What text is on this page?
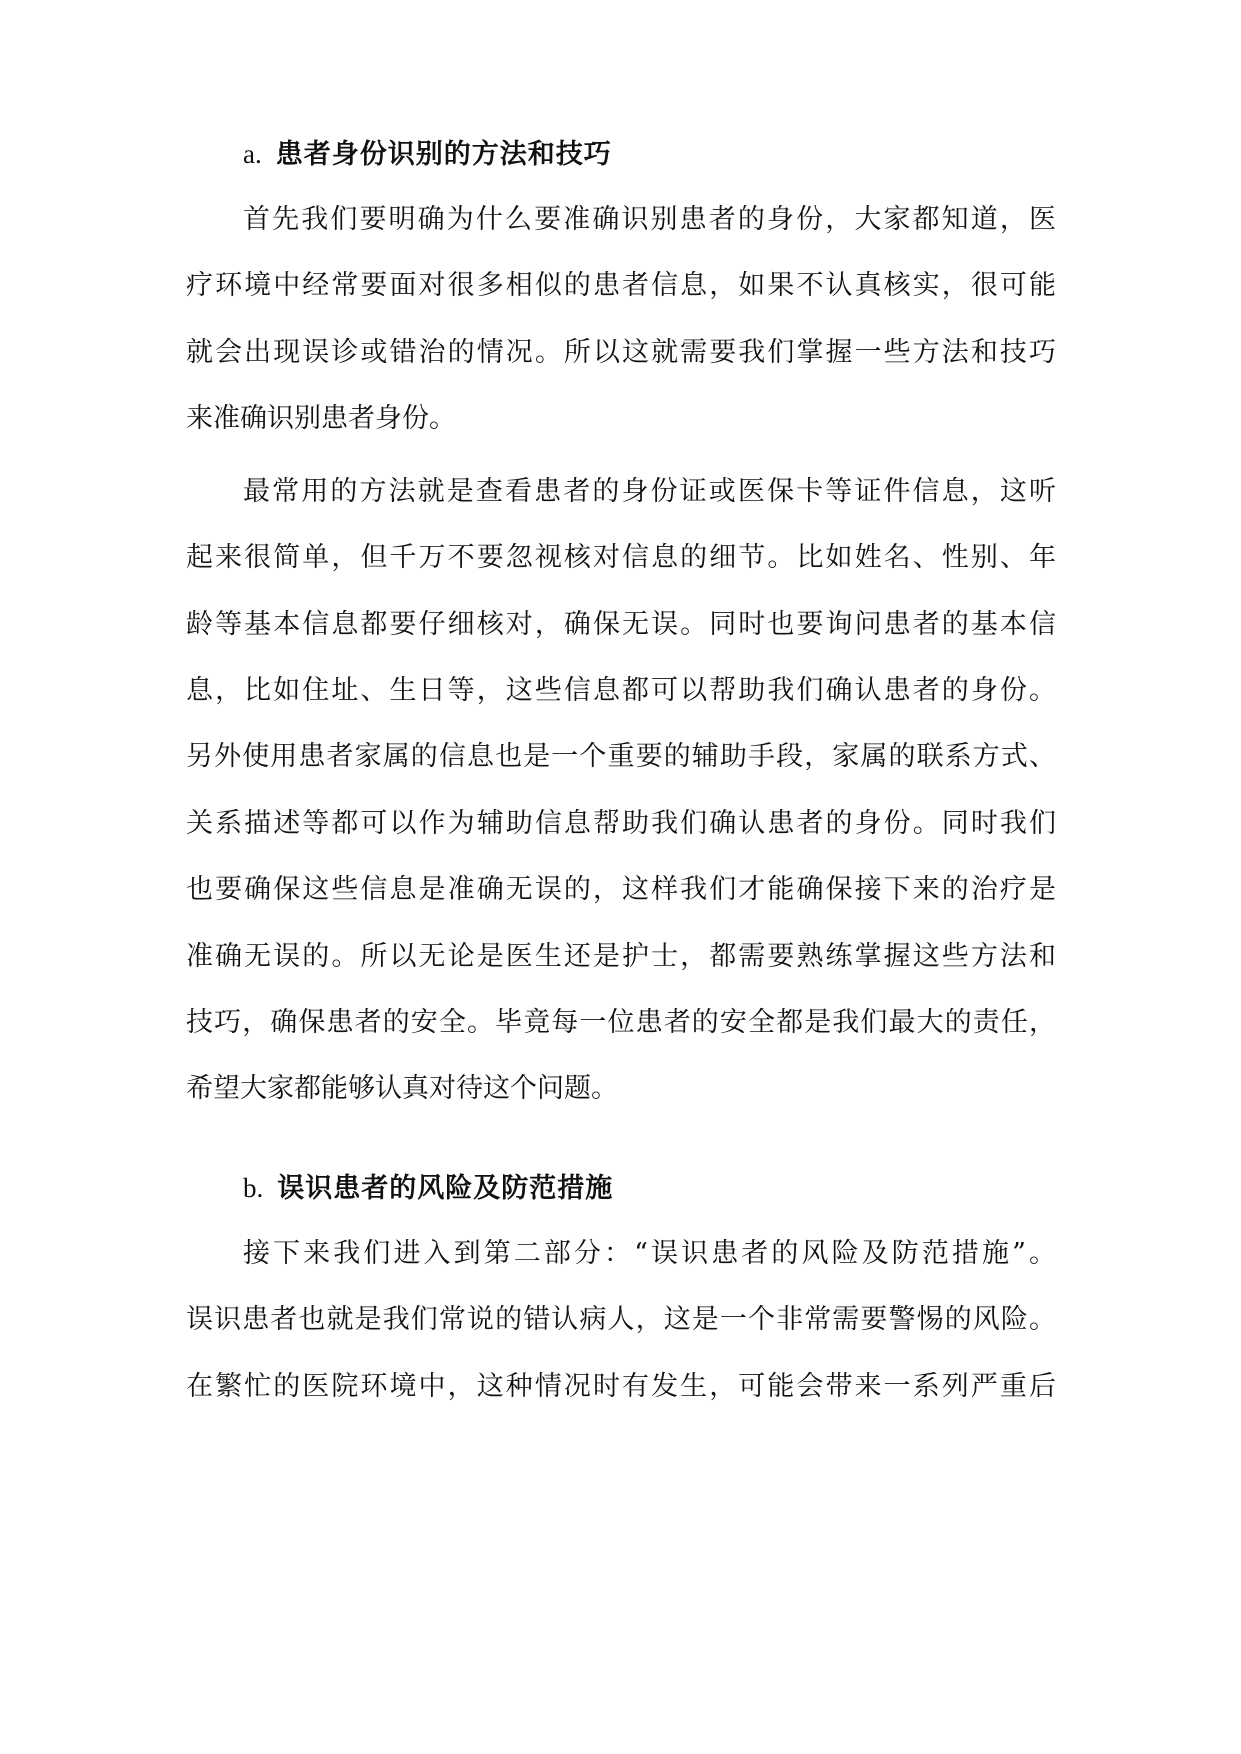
a. 患者身份识别的方法和技巧
首先我们要明确为什么要准确识别患者的身份，大家都知道，医
疗环境中经常要面对很多相似的患者信息，如果不认真核实，很可能
就会出现误诊或错治的情况。所以这就需要我们掌握一些方法和技巧
来准确识别患者身份。
最常用的方法就是查看患者的身份证或医保卡等证件信息，这听
起来很简单，但千万不要忽视核对信息的细节。比如姓名、性别、年
龄等基本信息都要仔细核对，确保无误。同时也要询问患者的基本信
息，比如住址、生日等，这些信息都可以帮助我们确认患者的身份。
另外使用患者家属的信息也是一个重要的辅助手段，家属的联系方式、
关系描述等都可以作为辅助信息帮助我们确认患者的身份。同时我们
也要确保这些信息是准确无误的，这样我们才能确保接下来的治疗是
准确无误的。所以无论是医生还是护士，都需要熟练掌握这些方法和
技巧，确保患者的安全。毕竟每一位患者的安全都是我们最大的责任，
希望大家都能够认真对待这个问题。
b. 误识患者的风险及防范措施
接下来我们进入到第二部分：“误识患者的风险及防范措施”。
误识患者也就是我们常说的错认病人，这是一个非常需要警惕的风险。
在繁忙的医院环境中，这种情况时有发生，可能会带来一系列严重后
